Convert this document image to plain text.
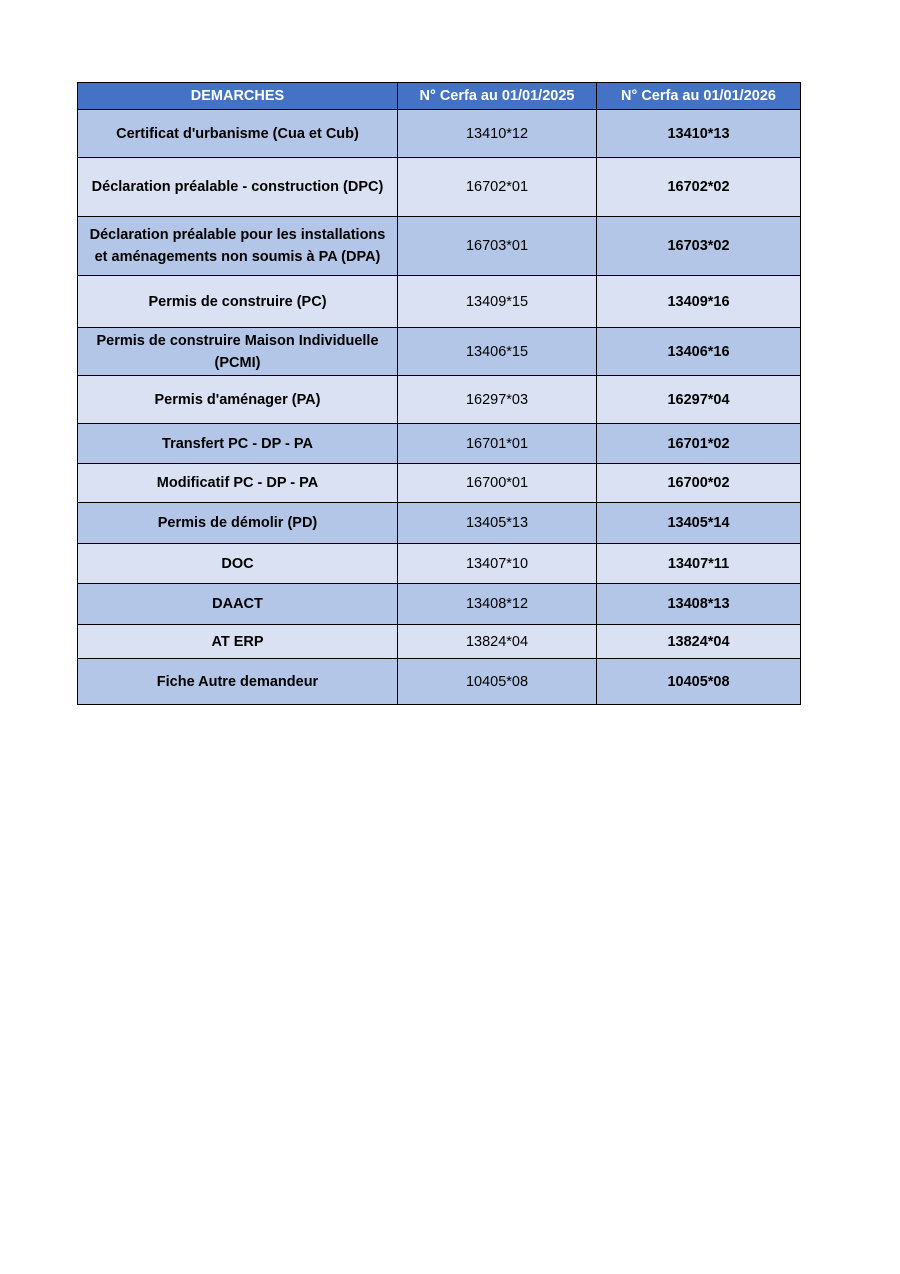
DEMARCHES	N° Cerfa au 01/01/2025	N° Cerfa au 01/01/2026
Certificat d'urbanisme (Cua et Cub)	13410*12	13410*13
Déclaration préalable - construction (DPC)	16702*01	16702*02
Déclaration préalable pour les installations et aménagements non soumis à PA (DPA)	16703*01	16703*02
Permis de construire (PC)	13409*15	13409*16
Permis de construire Maison Individuelle (PCMI)	13406*15	13406*16
Permis d'aménager (PA)	16297*03	16297*04
Transfert PC - DP - PA	16701*01	16701*02
Modificatif PC - DP - PA	16700*01	16700*02
Permis de démolir (PD)	13405*13	13405*14
DOC	13407*10	13407*11
DAACT	13408*12	13408*13
AT ERP	13824*04	13824*04
Fiche Autre demandeur	10405*08	10405*08
